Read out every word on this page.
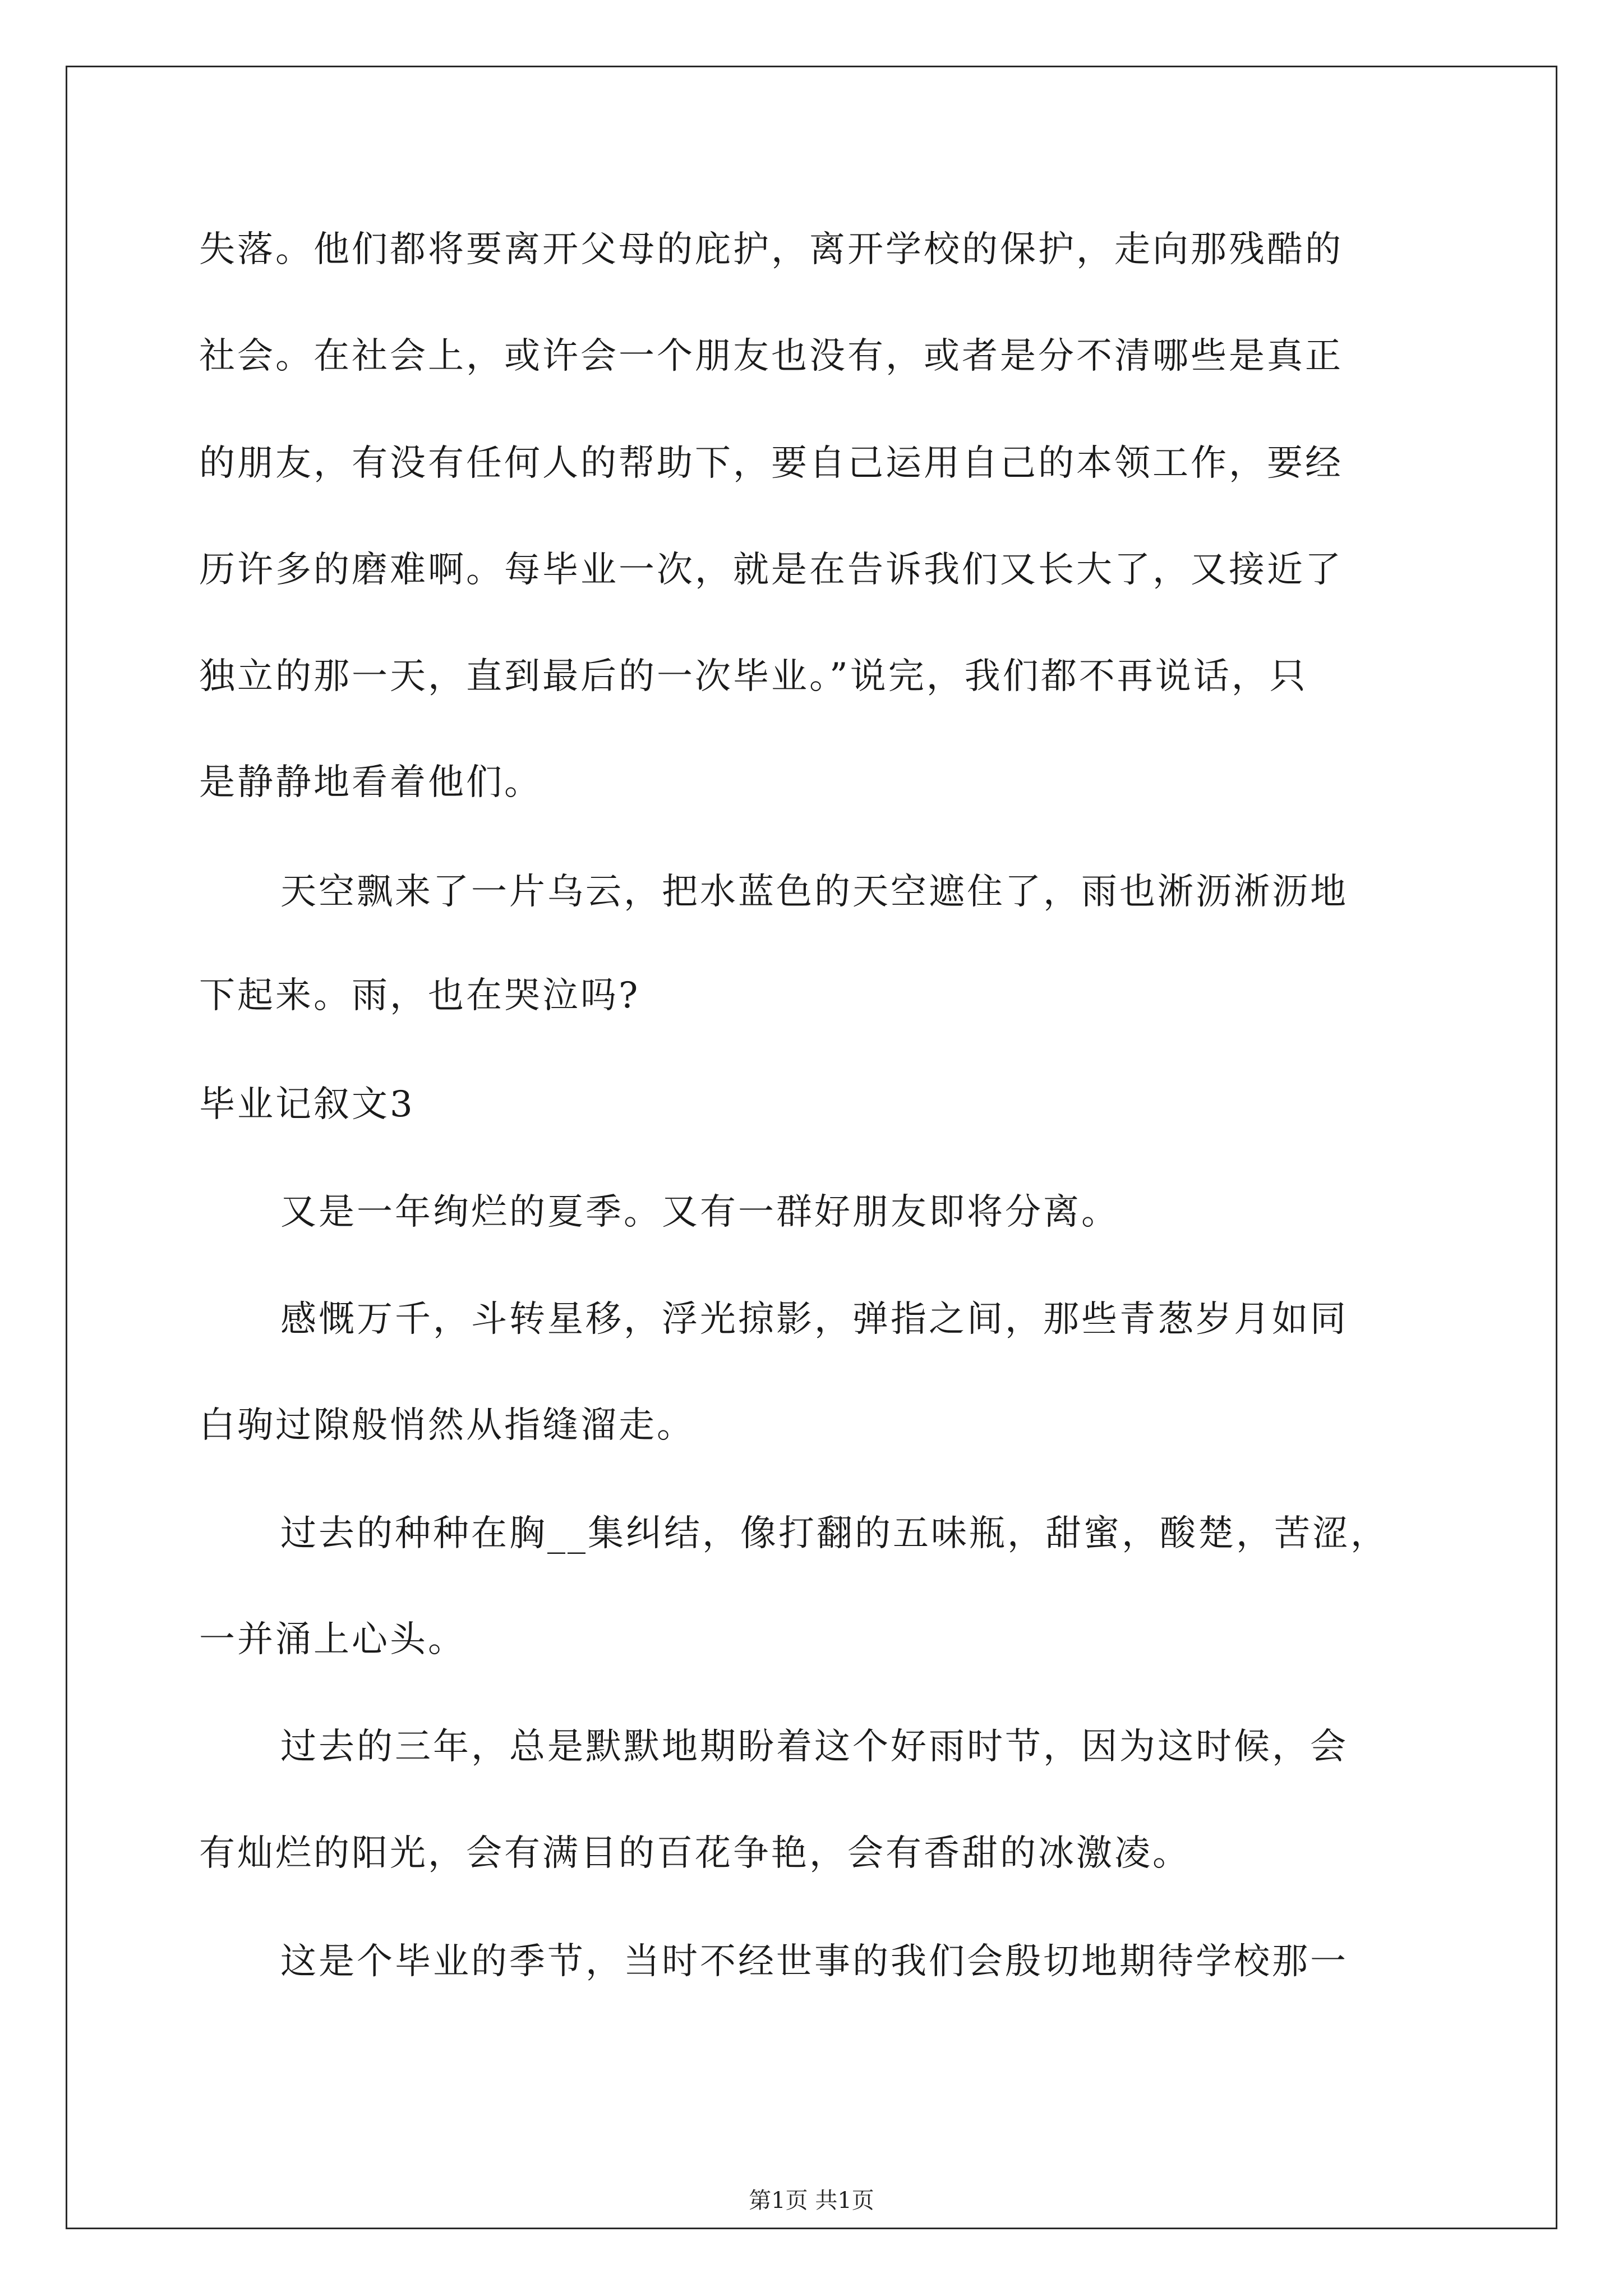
失落。他们都将要离开父母的庇护，离开学校的保护，走向那残酷的

社会。在社会上，或许会一个朋友也没有，或者是分不清哪些是真正

的朋友，有没有任何人的帮助下，要自己运用自己的本领工作，要经

历许多的磨难啊。每毕业一次，就是在告诉我们又长大了，又接近了

独立的那一天，直到最后的一次毕业。”说完，我们都不再说话，只

是静静地看着他们。

天空飘来了一片乌云，把水蓝色的天空遮住了，雨也淅沥淅沥地

下起来。雨，也在哭泣吗?

毕业记叙文3

又是一年绚烂的夏季。又有一群好朋友即将分离。

感慨万千，斗转星移，浮光掠影，弹指之间，那些青葱岁月如同

白驹过隙般悄然从指缝溜走。

过去的种种在胸__集纠结，像打翻的五味瓶，甜蜜，酸楚，苦涩，

一并涌上心头。

过去的三年，总是默默地期盼着这个好雨时节，因为这时候，会

有灿烂的阳光，会有满目的百花争艳，会有香甜的冰激凌。

这是个毕业的季节，当时不经世事的我们会殷切地期待学校那一

第1页 共1页
